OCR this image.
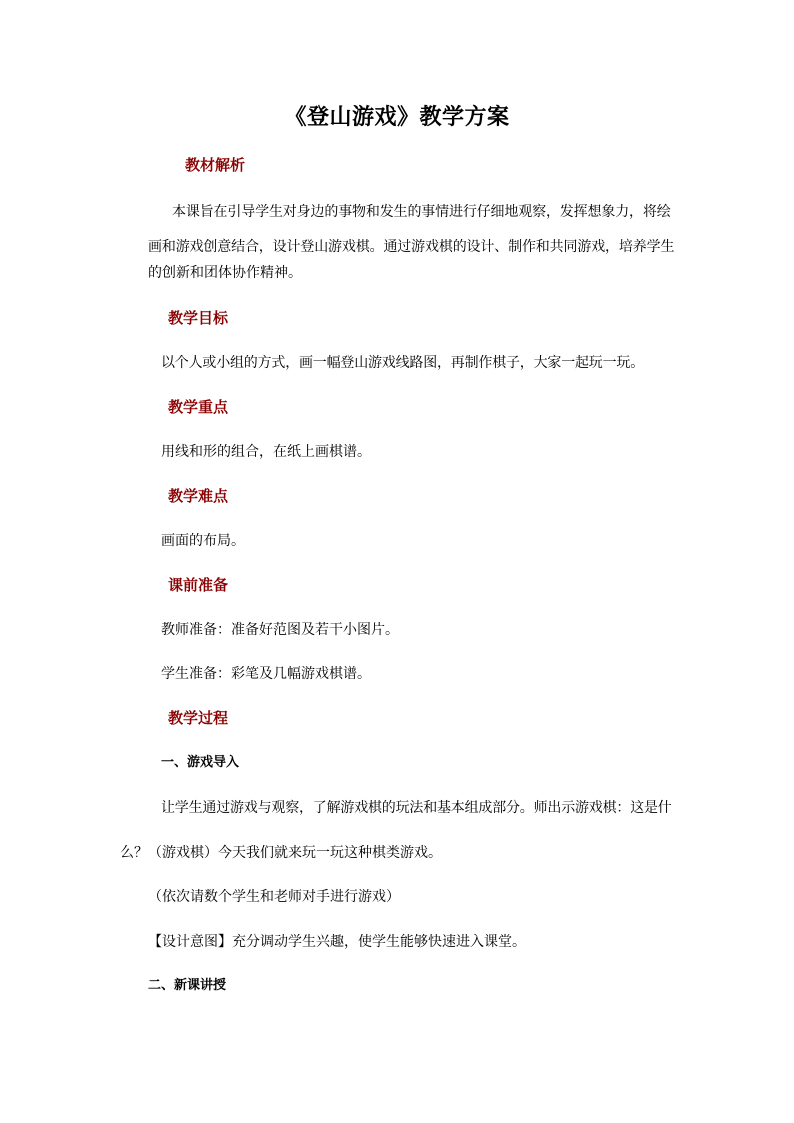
《登山游戏》教学方案
教材解析
本课旨在引导学生对身边的事物和发生的事情进行仔细地观察，发挥想象力，将绘
画和游戏创意结合，设计登山游戏棋。通过游戏棋的设计、制作和共同游戏，培养学生
的创新和团体协作精神。
教学目标
以个人或小组的方式，画一幅登山游戏线路图，再制作棋子，大家一起玩一玩。
教学重点
用线和形的组合，在纸上画棋谱。
教学难点
画面的布局。
课前准备
教师准备：准备好范图及若干小图片。
学生准备：彩笔及几幅游戏棋谱。
教学过程
一、游戏导入
让学生通过游戏与观察，了解游戏棋的玩法和基本组成部分。师出示游戏棋：这是什
么？（游戏棋）今天我们就来玩一玩这种棋类游戏。
（依次请数个学生和老师对手进行游戏）
【设计意图】充分调动学生兴趣，使学生能够快速进入课堂。
二、新课讲授
